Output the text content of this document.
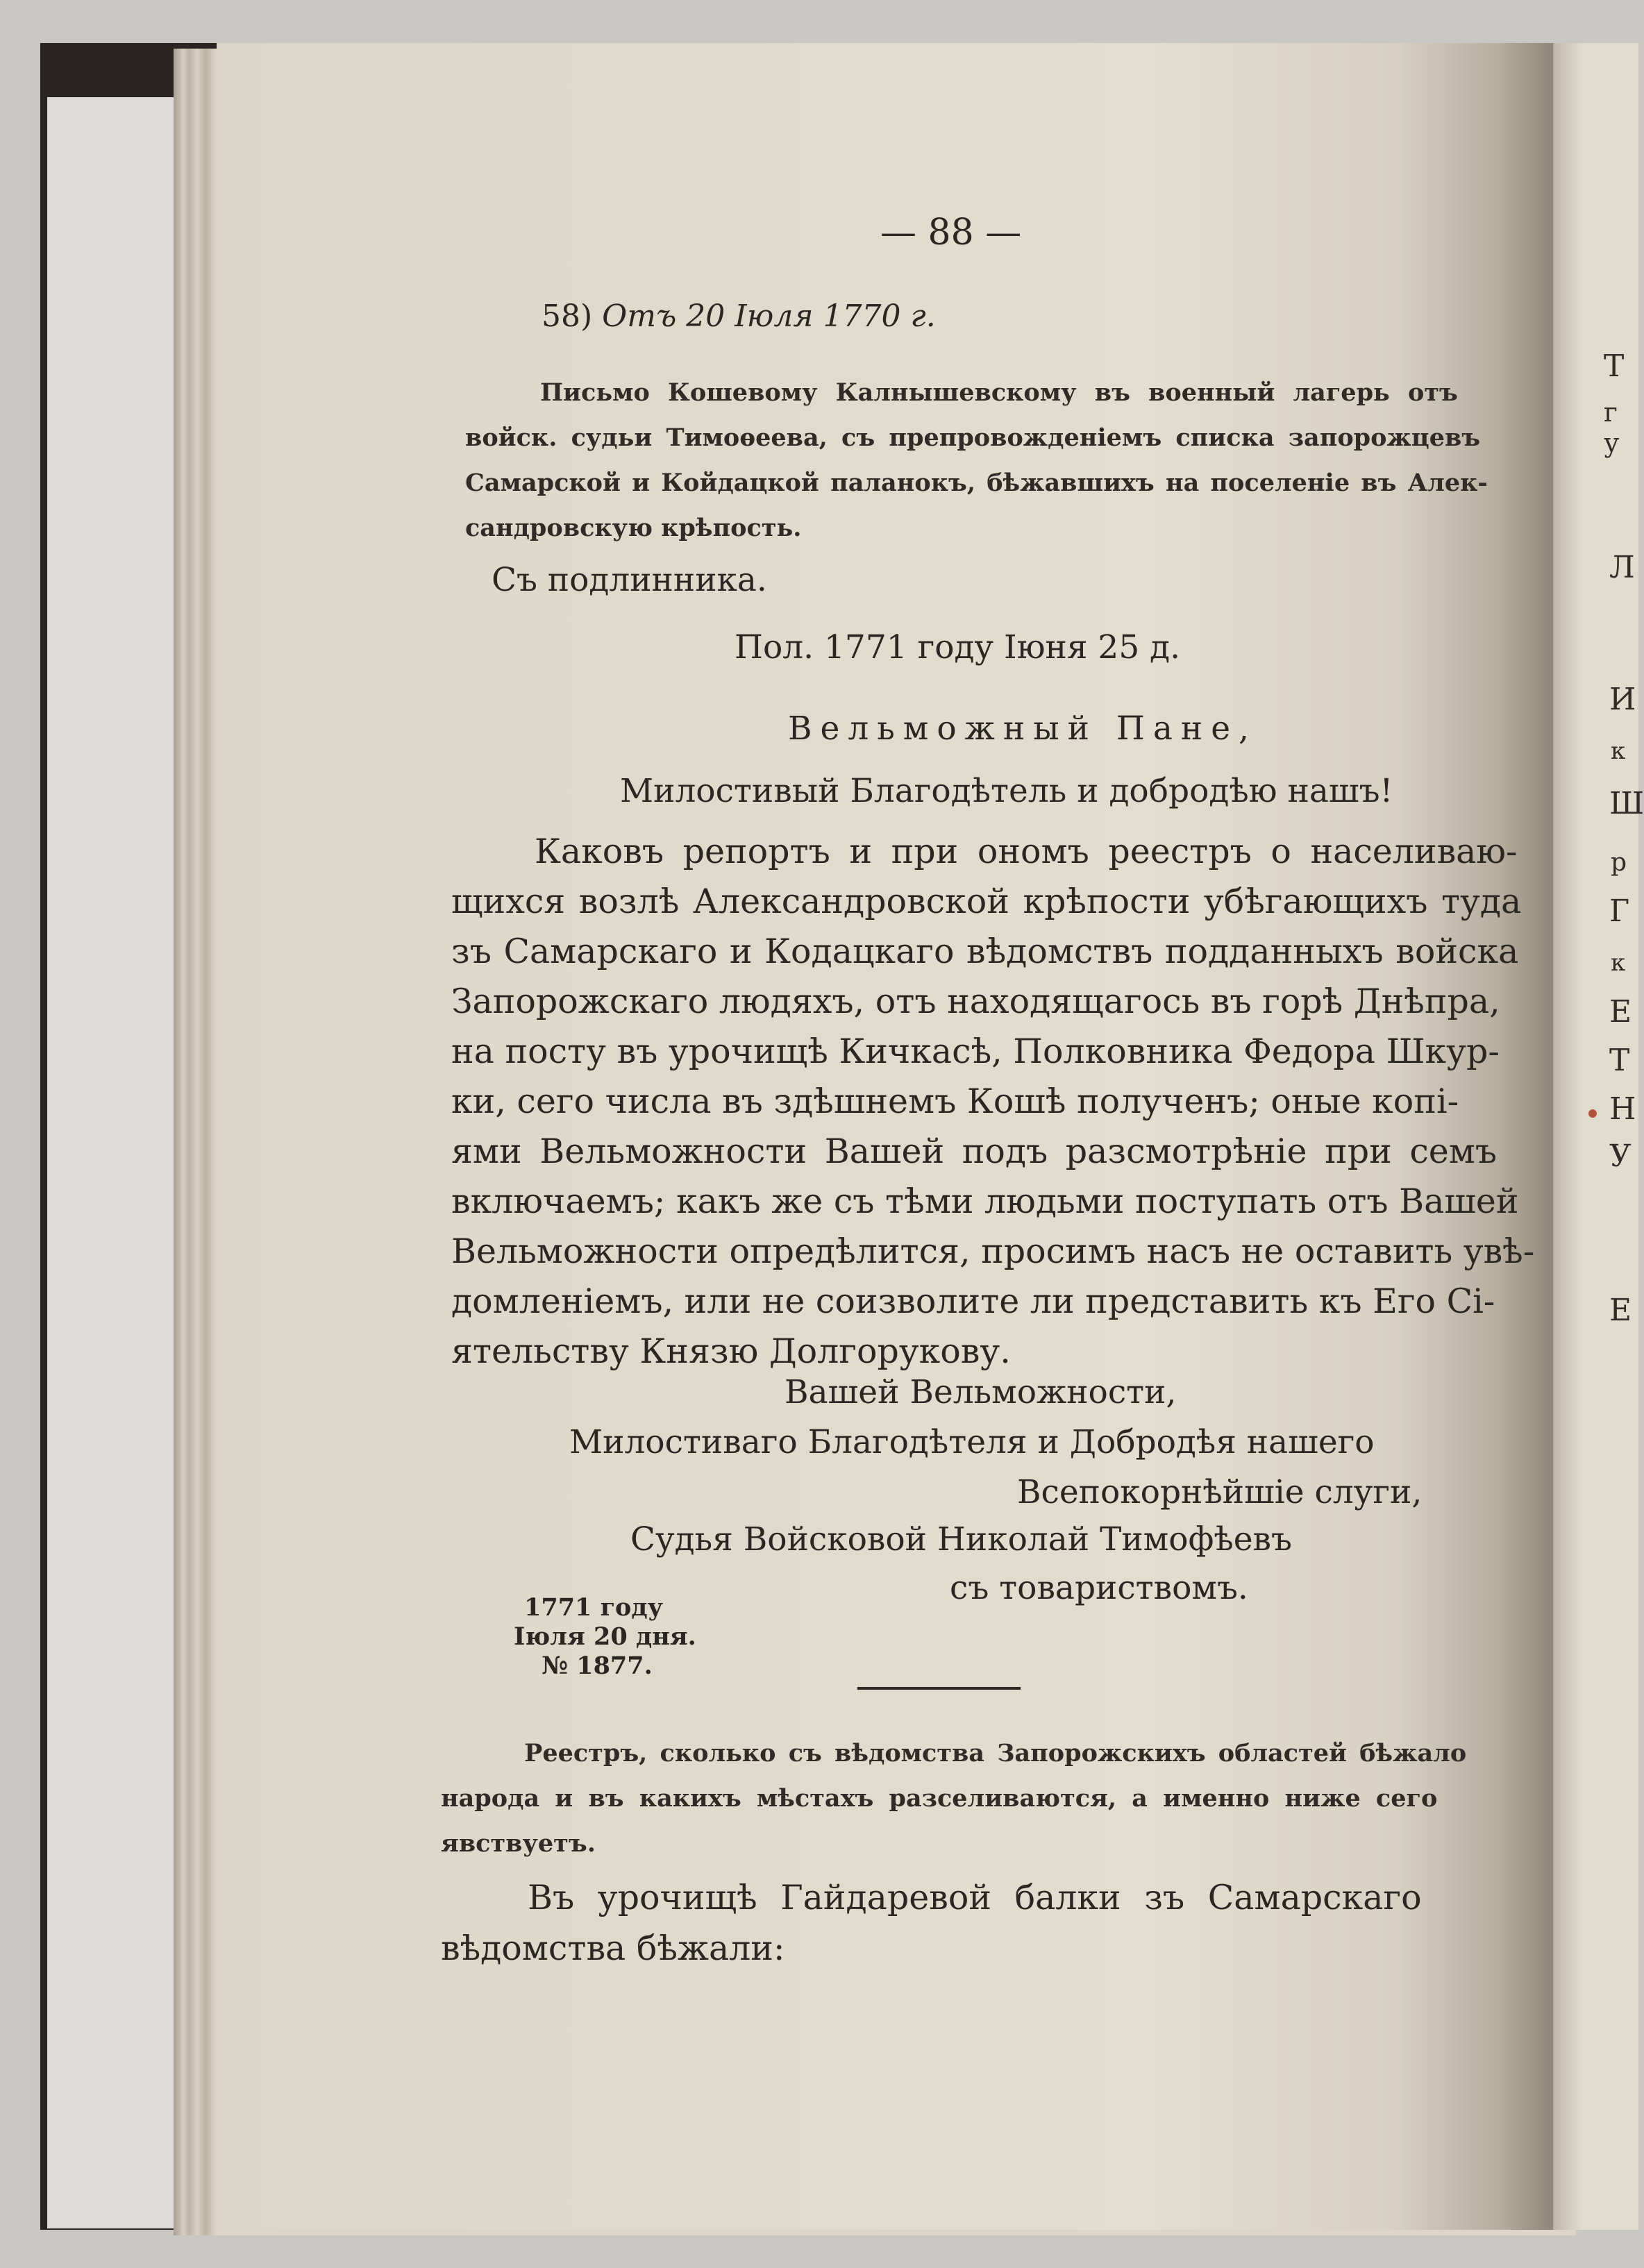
Т
г у
Л
И
к
Ш
р
Г
к
Е
Т
Н
У
Е
— 88 —
58) Отъ 20 Іюля 1770 г.
Письмо Кошевому Калнышевскому въ военный лагерь отъ
войск. судьи Тимоѳеева, съ препровожденіемъ списка запорожцевъ
Самарской и Койдацкой паланокъ, бѣжавшихъ на поселеніе въ Алек-
сандровскую крѣпость.
Съ подлинника.
Пол. 1771 году Іюня 25 д.
Вельможный Пане,
Милостивый Благодѣтель и добродѣю нашъ!
Каковъ репортъ и при ономъ реестръ о населиваю-
щихся возлѣ Александровской крѣпости убѣгающихъ туда
зъ Самарскаго и Кодацкаго вѣдомствъ подданныхъ войска
Запорожскаго людяхъ, отъ находящагось въ горѣ Днѣпра,
на посту въ урочищѣ Кичкасѣ, Полковника Федора Шкур-
ки, сего числа въ здѣшнемъ Кошѣ полученъ; оные копі-
ями Вельможности Вашей подъ разсмотрѣніе при семъ
включаемъ; какъ же съ тѣми людьми поступать отъ Вашей
Вельможности опредѣлится, просимъ насъ не оставить увѣ-
домленіемъ, или не соизволите ли представить къ Его Сі-
ятельству Князю Долгорукову.
Вашей Вельможности,
Милостиваго Благодѣтеля и Добродѣя нашего
Всепокорнѣйшіе слуги,
Судья Войсковой Николай Тимофѣевъ
съ товариствомъ.
1771 году
Іюля 20 дня.
№ 1877.
Реестръ, сколько съ вѣдомства Запорожскихъ областей бѣжало
народа и въ какихъ мѣстахъ разселиваются, а именно ниже сего
явствуетъ.
Въ урочищѣ Гайдаревой балки зъ Самарскаго
вѣдомства бѣжали:
